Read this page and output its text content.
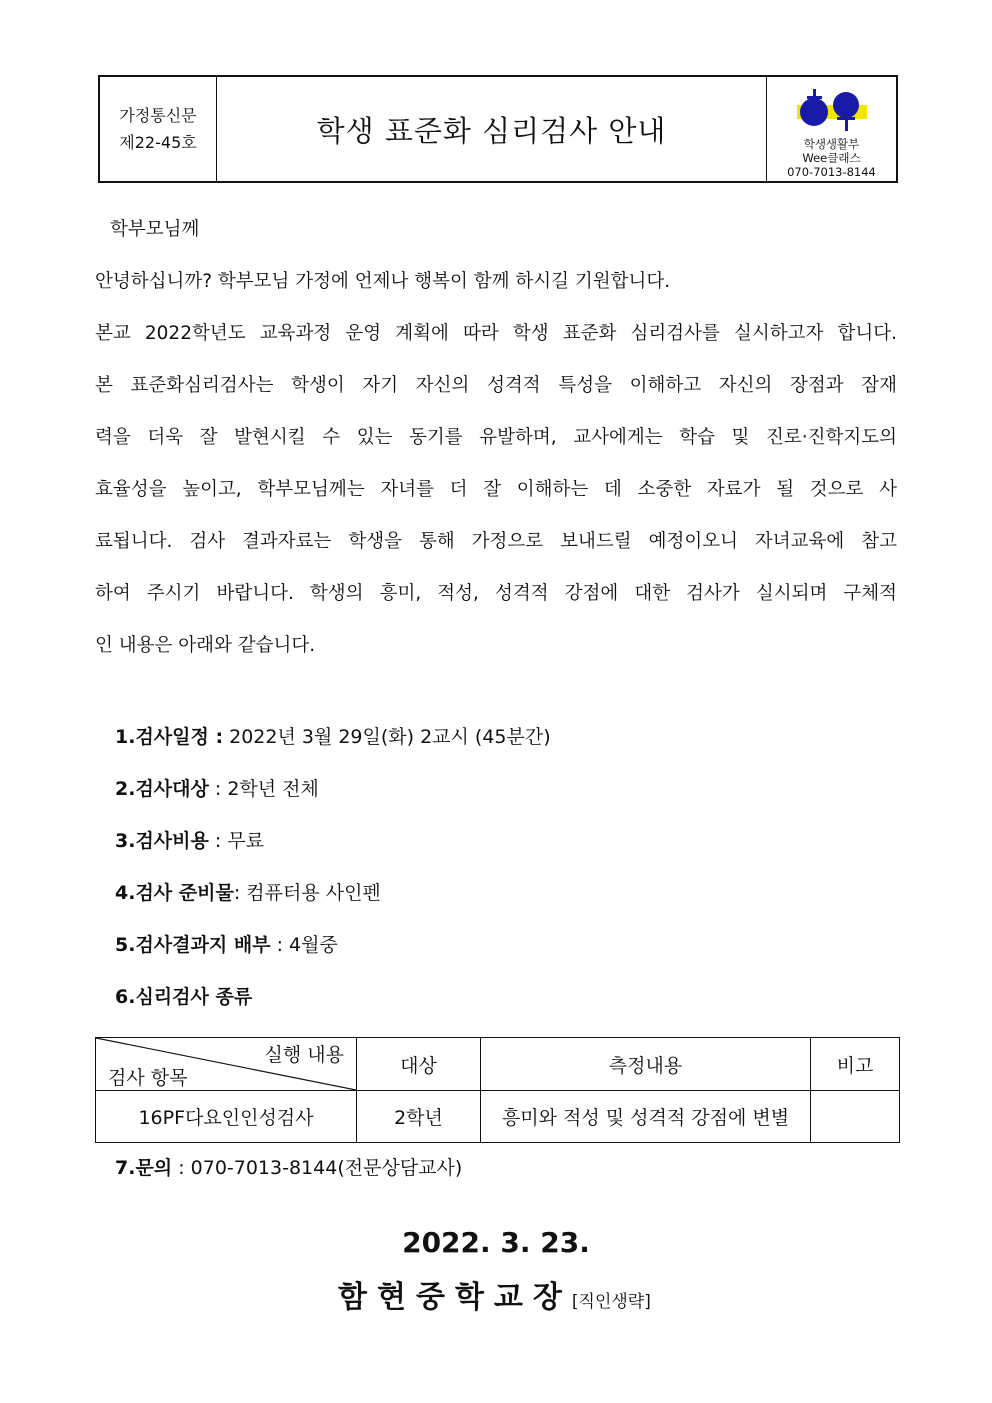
가정통신문
제22-45호	학생 표준화 심리검사 안내	학생생활부
Wee클래스
070-7013-8144
학부모님께
안녕하십니까? 학부모님 가정에 언제나 행복이 함께 하시길 기원합니다.
본교 2022학년도 교육과정 운영 계획에 따라 학생 표준화 심리검사를 실시하고자 합니다.
본 표준화심리검사는 학생이 자기 자신의 성격적 특성을 이해하고 자신의 장점과 잠재
력을 더욱 잘 발현시킬 수 있는 동기를 유발하며, 교사에게는 학습 및 진로·진학지도의
효율성을 높이고, 학부모님께는 자녀를 더 잘 이해하는 데 소중한 자료가 될 것으로 사
료됩니다. 검사 결과자료는 학생을 통해 가정으로 보내드릴 예정이오니 자녀교육에 참고
하여 주시기 바랍니다. 학생의 흥미, 적성, 성격적 강점에 대한 검사가 실시되며 구체적
인 내용은 아래와 같습니다.
1.검사일정 : 2022년 3월 29일(화) 2교시 (45분간)
2.검사대상 : 2학년 전체
3.검사비용 : 무료
4.검사 준비물: 컴퓨터용 사인펜
5.검사결과지 배부 : 4월중
6.심리검사 종류
실행 내용
검사 항목	대상	측정내용	비고
16PF다요인인성검사	2학년	흥미와 적성 및 성격적 강점에 변별	
7.문의 : 070-7013-8144(전문상담교사)
2022. 3. 23.
함현중학교장[직인생략]
